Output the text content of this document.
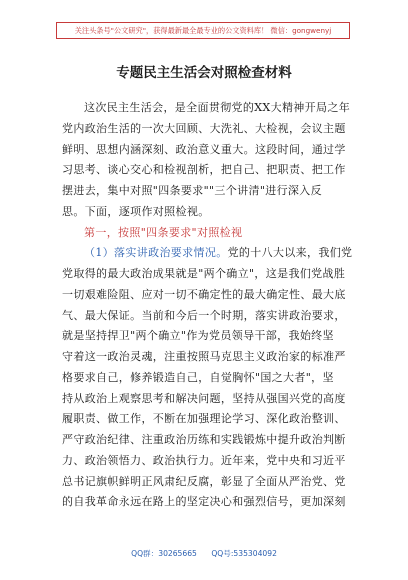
关注头条号"公文研究"，获得最新最全最专业的公文资料库！ 微信：gongwenyj
专题民主生活会对照检查材料
这次民主生活会，是全面贯彻党的XX大精神开局之年
党内政治生活的一次大回顾、大洗礼、大检视，会议主题
鲜明、思想内涵深刻、政治意义重大。这段时间，通过学
习思考、谈心交心和检视剖析，把自己、把职责、把工作
摆进去，集中对照"四条要求""三个讲清"进行深入反
思。下面，逐项作对照检视。
第一，按照"四条要求"对照检视
（1）落实讲政治要求情况。党的十八大以来，我们党
党取得的最大政治成果就是"两个确立"，这是我们党战胜
一切艰难险阻、应对一切不确定性的最大确定性、最大底
气、最大保证。当前和今后一个时期，落实讲政治要求，
就是坚持捍卫"两个确立"作为党员领导干部，我始终坚
守着这一政治灵魂，注重按照马克思主义政治家的标准严
格要求自己，修养锻造自己，自觉胸怀"国之大者"，坚
持从政治上观察思考和解决问题，坚持从强国兴党的高度
履职责、做工作，不断在加强理论学习、深化政治整训、
严守政治纪律、注重政治历练和实践锻炼中提升政治判断
力、政治领悟力、政治执行力。近年来，党中央和习近平
总书记旗帜鲜明正风肃纪反腐，彰显了全面从严治党、党
的自我革命永远在路上的坚定决心和强烈信号，更加深刻
QQ群：30265665 QQ号:535304092
